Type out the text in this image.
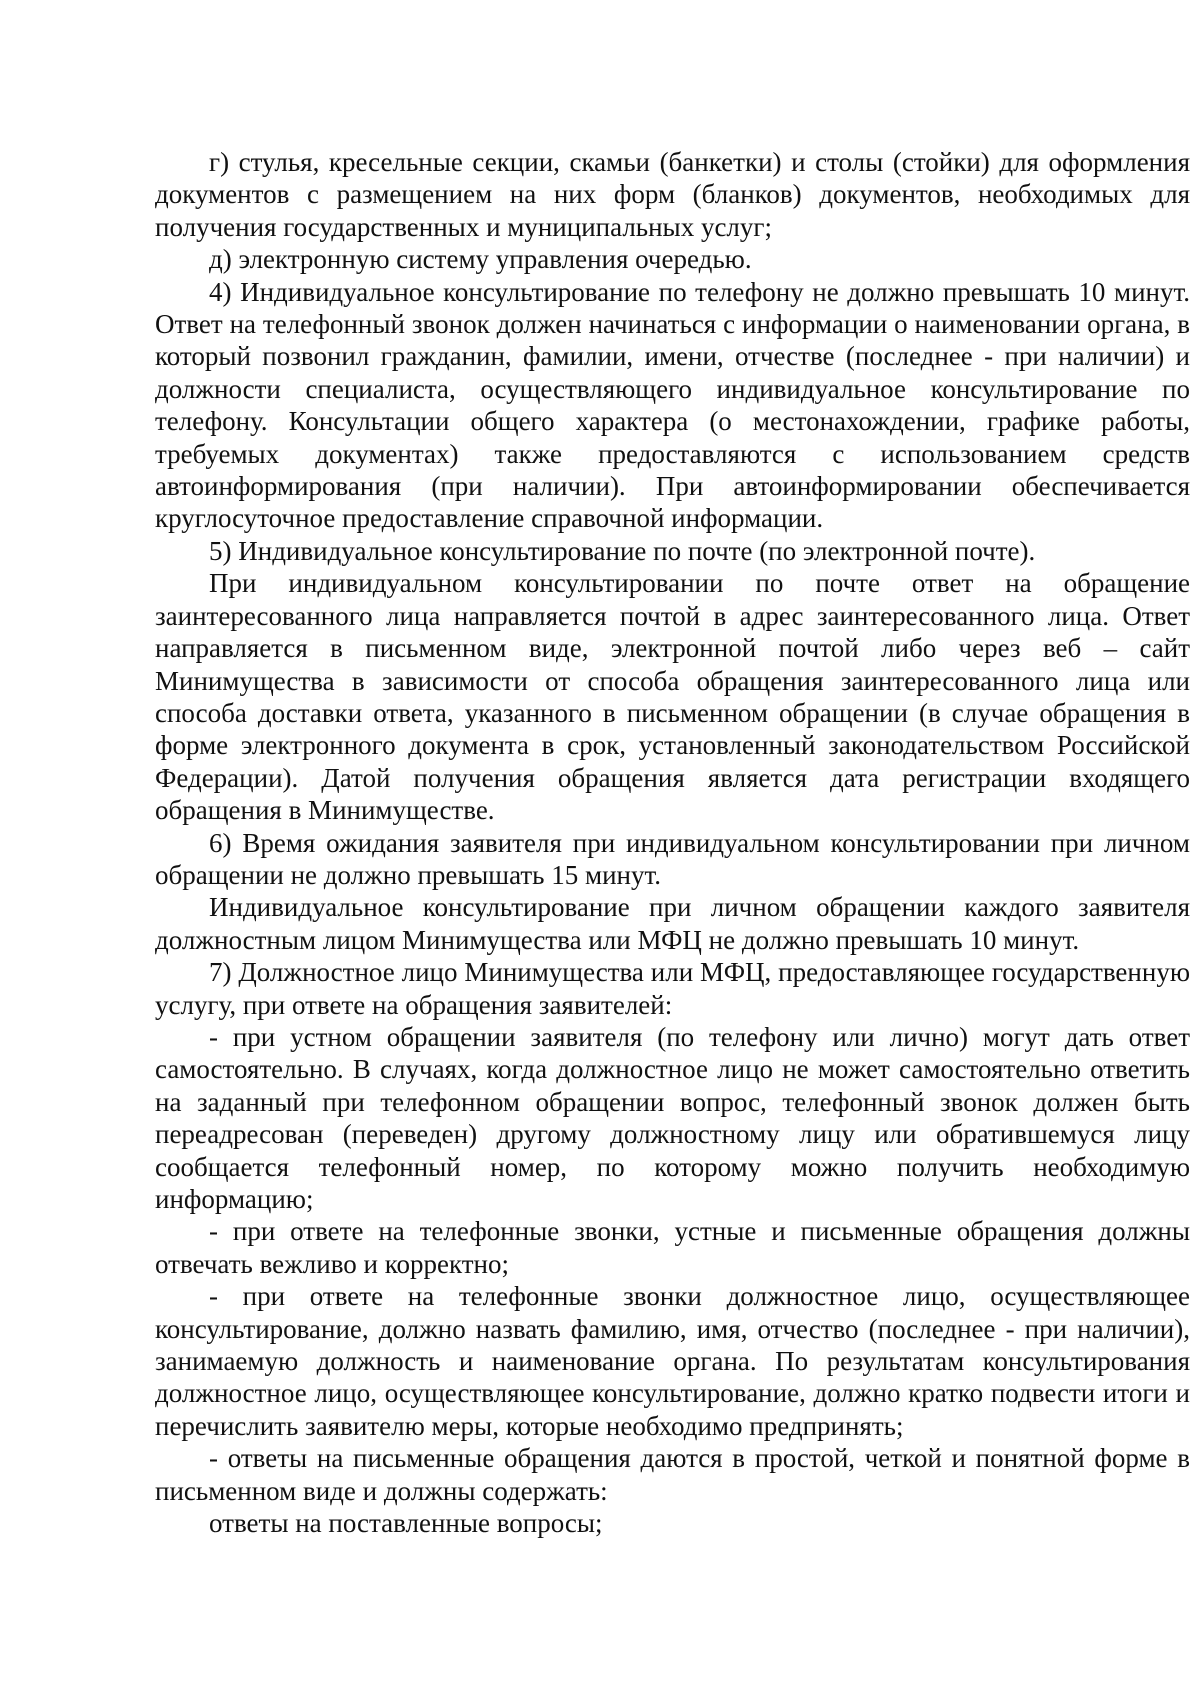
г) стулья, кресельные секции, скамьи (банкетки) и столы (стойки) для оформления документов с размещением на них форм (бланков) документов, необходимых для получения государственных и муниципальных услуг;

д) электронную систему управления очередью.

4) Индивидуальное консультирование по телефону не должно превышать 10 минут. Ответ на телефонный звонок должен начинаться с информации о наименовании органа, в который позвонил гражданин, фамилии, имени, отчестве (последнее - при наличии) и должности специалиста, осуществляющего индивидуальное консультирование по телефону. Консультации общего характера (о местонахождении, графике работы, требуемых документах) также предоставляются с использованием средств автоинформирования (при наличии). При автоинформировании обеспечивается круглосуточное предоставление справочной информации.

5) Индивидуальное консультирование по почте (по электронной почте).

При индивидуальном консультировании по почте ответ на обращение заинтересованного лица направляется почтой в адрес заинтересованного лица. Ответ направляется в письменном виде, электронной почтой либо через веб – сайт Минимущества в зависимости от способа обращения заинтересованного лица или способа доставки ответа, указанного в письменном обращении (в случае обращения в форме электронного документа в срок, установленный законодательством Российской Федерации). Датой получения обращения является дата регистрации входящего обращения в Минимуществе.

6) Время ожидания заявителя при индивидуальном консультировании при личном обращении не должно превышать 15 минут.

Индивидуальное консультирование при личном обращении каждого заявителя должностным лицом Минимущества или МФЦ не должно превышать 10 минут.

7) Должностное лицо Минимущества или МФЦ, предоставляющее государственную услугу, при ответе на обращения заявителей:

- при устном обращении заявителя (по телефону или лично) могут дать ответ самостоятельно. В случаях, когда должностное лицо не может самостоятельно ответить на заданный при телефонном обращении вопрос, телефонный звонок должен быть переадресован (переведен) другому должностному лицу или обратившемуся лицу сообщается телефонный номер, по которому можно получить необходимую информацию;

- при ответе на телефонные звонки, устные и письменные обращения должны отвечать вежливо и корректно;

- при ответе на телефонные звонки должностное лицо, осуществляющее консультирование, должно назвать фамилию, имя, отчество (последнее - при наличии), занимаемую должность и наименование органа. По результатам консультирования должностное лицо, осуществляющее консультирование, должно кратко подвести итоги и перечислить заявителю меры, которые необходимо предпринять;

- ответы на письменные обращения даются в простой, четкой и понятной форме в письменном виде и должны содержать:

ответы на поставленные вопросы;
